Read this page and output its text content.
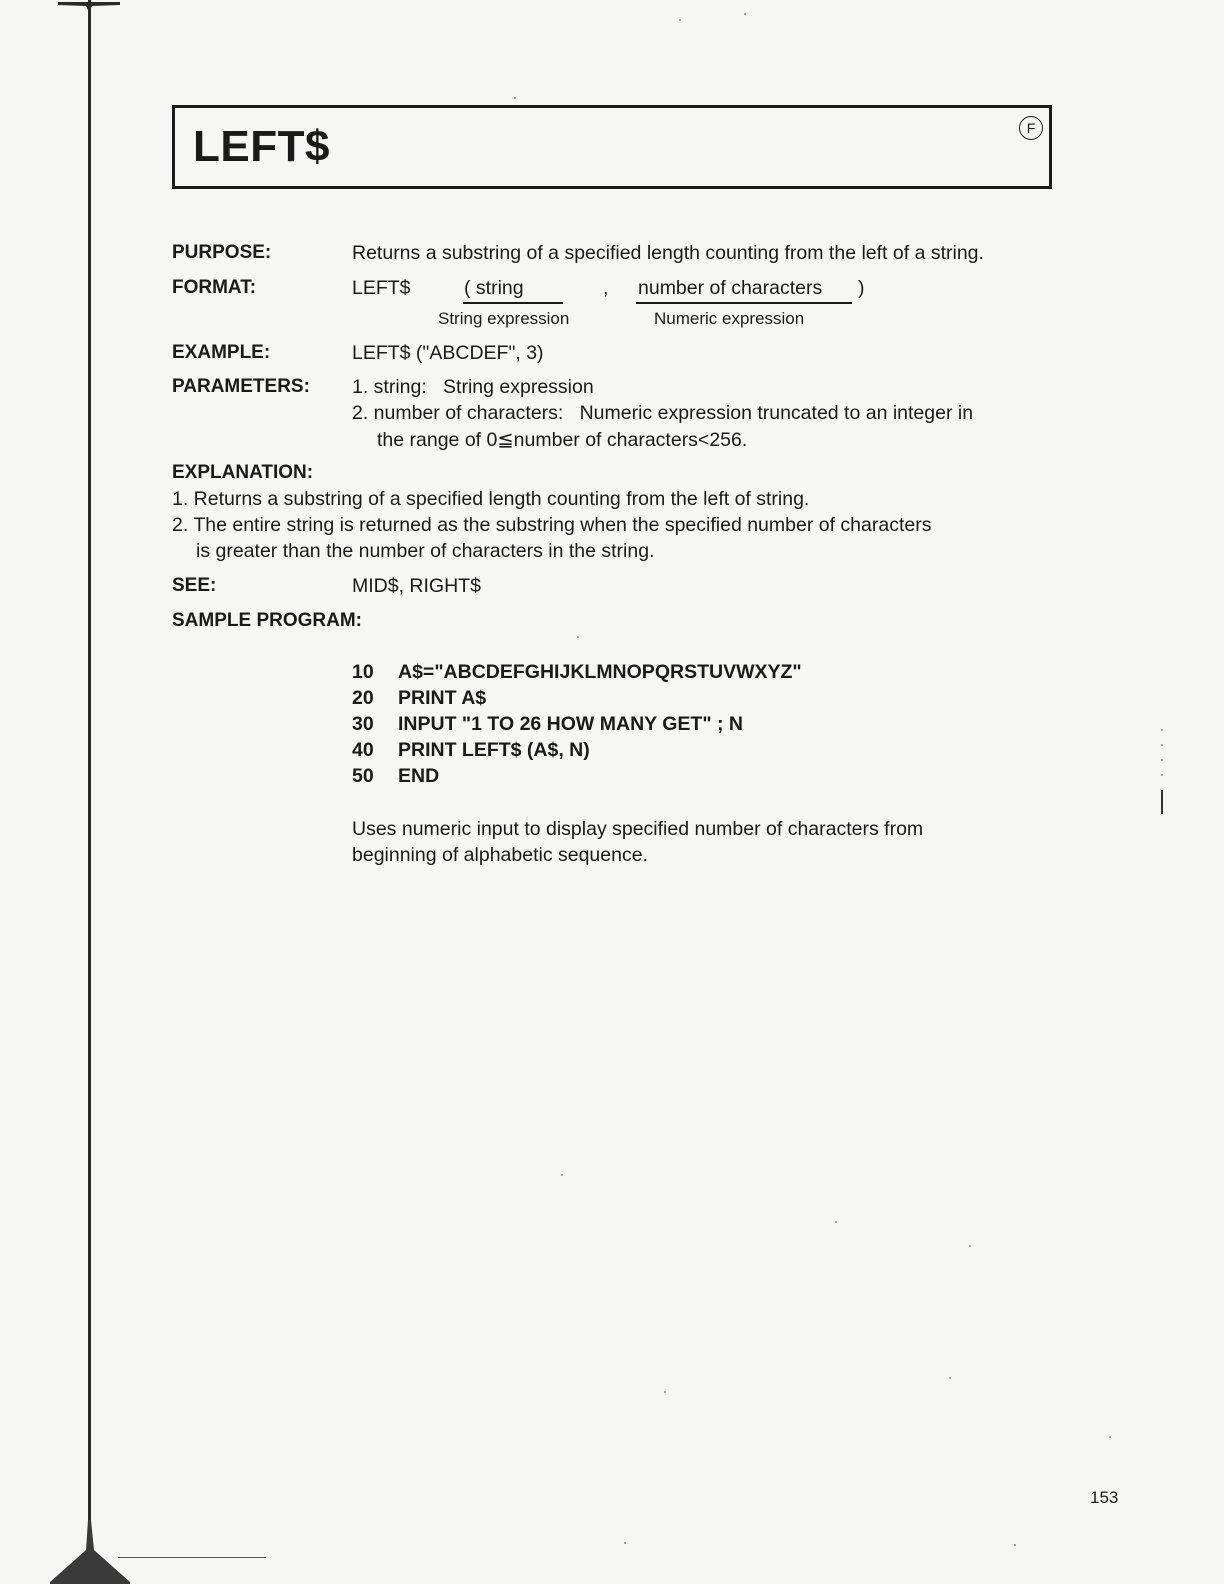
LEFT$	F
PURPOSE:	Returns a substring of a specified length counting from the left of a string.
FORMAT:	LEFT$	( string	, number of characters )
String expression	Numeric expression
EXAMPLE:	LEFT$ ("ABCDEF", 3)
PARAMETERS: 1. string:   String expression
2. number of characters:   Numeric expression truncated to an integer in
the range of 0≦number of characters<256.
EXPLANATION:
1. Returns a substring of a specified length counting from the left of string.
2. The entire string is returned as the substring when the specified number of characters
is greater than the number of characters in the string.
SEE:	MID$, RIGHT$
SAMPLE PROGRAM:
10 A$="ABCDEFGHIJKLMNOPQRSTUVWXYZ"
20 PRINT A$
30 INPUT "1 TO 26 HOW MANY GET" ; N
40 PRINT LEFT$ (A$, N)
50 END
Uses numeric input to display specified number of characters from
beginning of alphabetic sequence.
153
